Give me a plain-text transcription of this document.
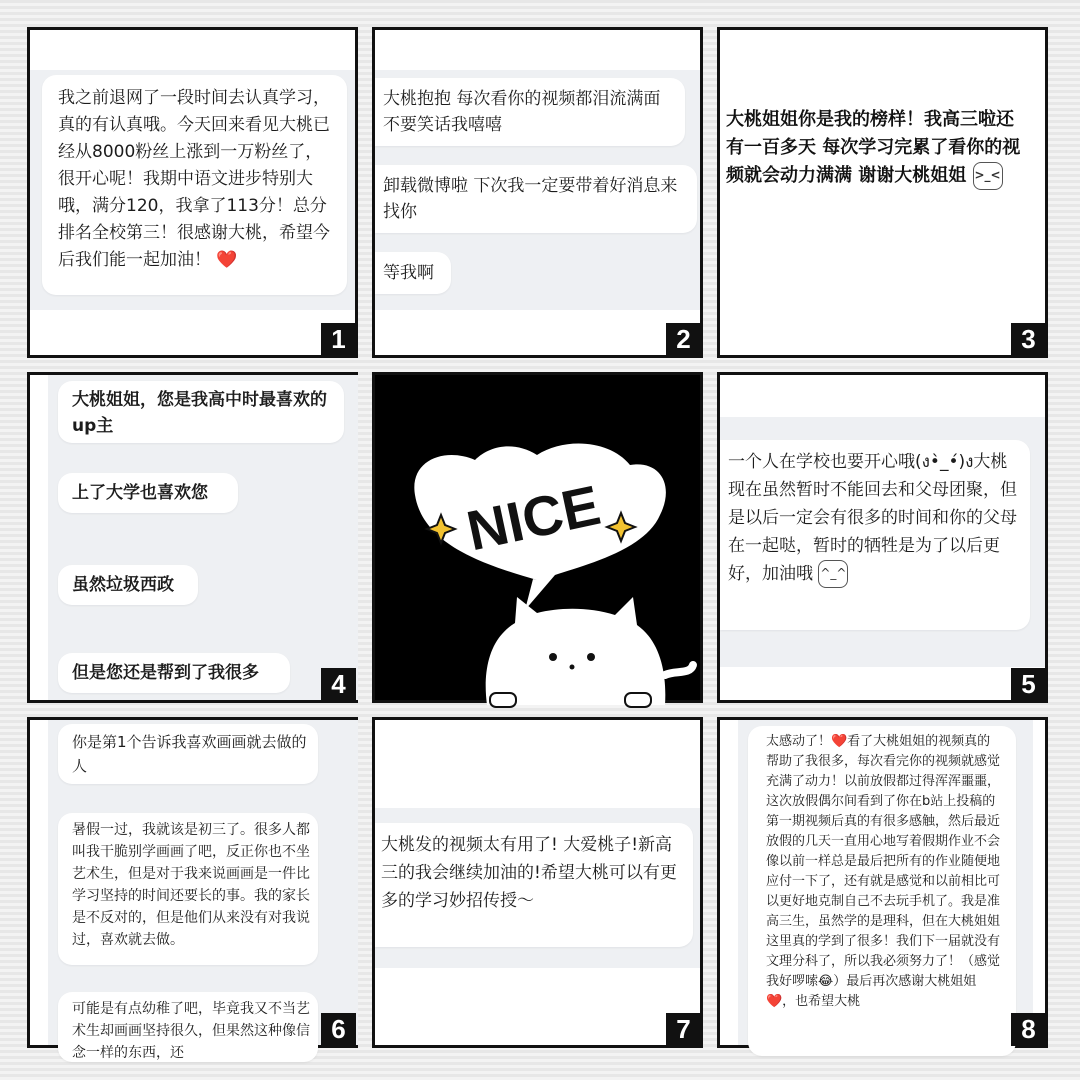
我之前退网了一段时间去认真学习，真的有认真哦。今天回来看见大桃已经从8000粉丝上涨到一万粉丝了，很开心呢！我期中语文进步特别大哦，满分120，我拿了113分！总分排名全校第三！很感谢大桃，希望今后我们能一起加油！ ❤️
1
大桃抱抱 每次看你的视频都泪流满面 不要笑话我嘻嘻
卸载微博啦 下次我一定要带着好消息来找你
等我啊
2
大桃姐姐你是我的榜样！我高三啦还有一百多天 每次学习完累了看你的视频就会动力满满 谢谢大桃姐姐 >_<
3
大桃姐姐，您是我高中时最喜欢的up主
上了大学也喜欢您
虽然垃圾西政
但是您还是帮到了我很多	4
NICE
一个人在学校也要开心哦(ง•̀_•́)ง大桃现在虽然暂时不能回去和父母团聚，但是以后一定会有很多的时间和你的父母在一起哒，暂时的牺牲是为了以后更好，加油哦 ^_^
5
你是第1个告诉我喜欢画画就去做的人
暑假一过，我就该是初三了。很多人都叫我干脆别学画画了吧，反正你也不坐艺术生，但是对于我来说画画是一件比学习坚持的时间还要长的事。我的家长是不反对的，但是他们从来没有对我说过，喜欢就去做。
可能是有点幼稚了吧，毕竟我又不当艺术生却画画坚持很久，但果然这种像信念一样的东西，还
6
大桃发的视频太有用了! 大爱桃子!新高三的我会继续加油的!希望大桃可以有更多的学习妙招传授～
7
太感动了！❤️看了大桃姐姐的视频真的帮助了我很多，每次看完你的视频就感觉充满了动力！以前放假都过得浑浑噩噩，这次放假偶尔间看到了你在b站上投稿的第一期视频后真的有很多感触，然后最近放假的几天一直用心地写着假期作业不会像以前一样总是最后把所有的作业随便地应付一下了，还有就是感觉和以前相比可以更好地克制自己不去玩手机了。我是准高三生，虽然学的是理科，但在大桃姐姐这里真的学到了很多！我们下一届就没有文理分科了，所以我必须努力了！（感觉我好啰嗦😂）最后再次感谢大桃姐姐❤️，也希望大桃
8
